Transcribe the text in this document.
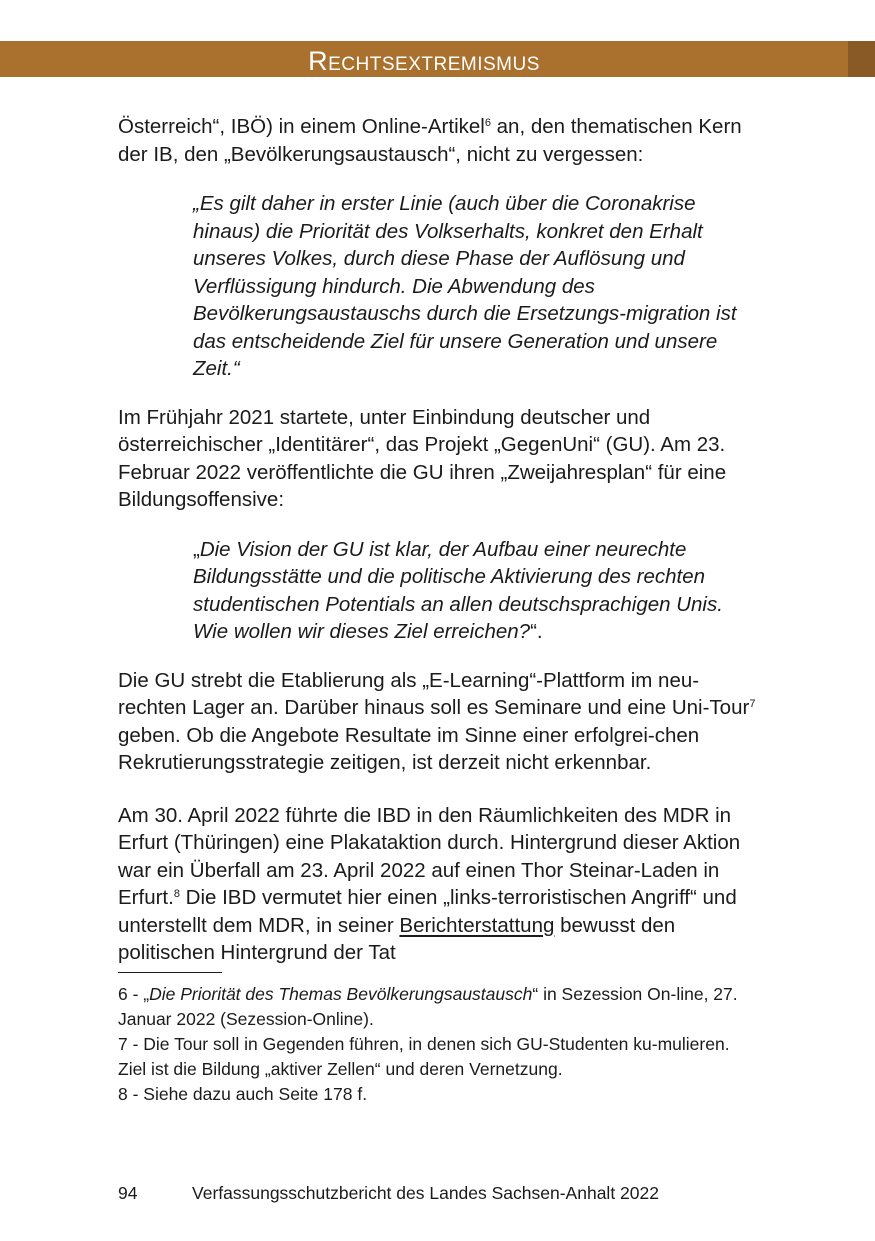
Rechtsextremismus

Österreich“, IBÖ) in einem Online-Artikel$^6$ an, den thematischen Kern der IB, den „Bevölkerungsaustausch“, nicht zu vergessen:

„Es gilt daher in erster Linie (auch über die Coronakrise hinaus) die Priorität des Volkserhalts, konkret den Erhalt unseres Volkes, durch diese Phase der Auflösung und Verflüssigung hindurch. Die Abwendung des Bevölkerungsaustauschs durch die Ersetzungs-migration ist das entscheidende Ziel für unsere Generation und unsere Zeit.“

Im Frühjahr 2021 startete, unter Einbindung deutscher und österreichischer „Identitärer“, das Projekt „GegenUni“ (GU). Am 23. Februar 2022 veröffentlichte die GU ihren „Zweijahresplan“ für eine Bildungsoffensive:

„Die Vision der GU ist klar, der Aufbau einer neurechte Bildungsstätte und die politische Aktivierung des rechten studentischen Potentials an allen deutschsprachigen Unis. Wie wollen wir dieses Ziel erreichen?“.

Die GU strebt die Etablierung als „E-Learning“-Plattform im neu-rechten Lager an. Darüber hinaus soll es Seminare und eine Uni-Tour$^7$ geben. Ob die Angebote Resultate im Sinne einer erfolgrei-chen Rekrutierungsstrategie zeitigen, ist derzeit nicht erkennbar.

Am 30. April 2022 führte die IBD in den Räumlichkeiten des MDR in Erfurt (Thüringen) eine Plakataktion durch. Hintergrund dieser Aktion war ein Überfall am 23. April 2022 auf einen Thor Steinar-Laden in Erfurt.$^8$ Die IBD vermutet hier einen „links-terroristischen Angriff“ und unterstellt dem MDR, in seiner Berichterstattung bewusst den politischen Hintergrund der Tat

6 - „Die Priorität des Themas Bevölkerungsaustausch“ in Sezession On-line, 27. Januar 2022 (Sezession-Online).

7 - Die Tour soll in Gegenden führen, in denen sich GU-Studenten ku-mulieren. Ziel ist die Bildung „aktiver Zellen“ und deren Vernetzung.

8 - Siehe dazu auch Seite 178 f.

94	Verfassungsschutzbericht des Landes Sachsen-Anhalt 2022
